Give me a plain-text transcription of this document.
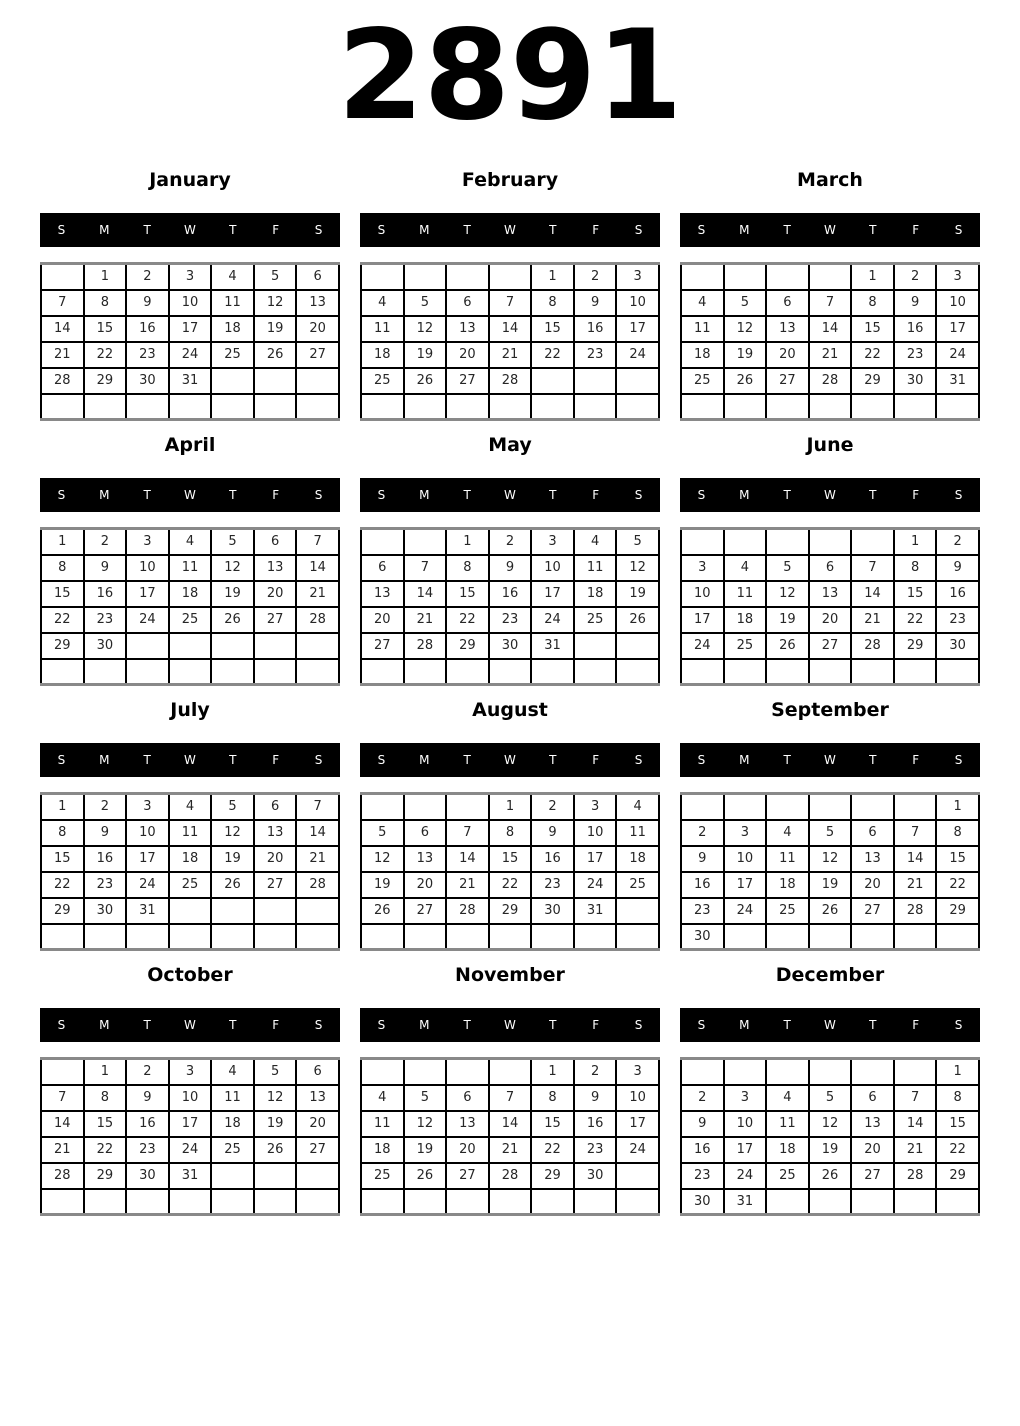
2891
January
S	M	T	W	T	F	S
	1	2	3	4	5	6
7	8	9	10	11	12	13
14	15	16	17	18	19	20
21	22	23	24	25	26	27
28	29	30	31			

February
S	M	T	W	T	F	S
				1	2	3
4	5	6	7	8	9	10
11	12	13	14	15	16	17
18	19	20	21	22	23	24
25	26	27	28			

March
S	M	T	W	T	F	S
				1	2	3
4	5	6	7	8	9	10
11	12	13	14	15	16	17
18	19	20	21	22	23	24
25	26	27	28	29	30	31

April
S	M	T	W	T	F	S
1	2	3	4	5	6	7
8	9	10	11	12	13	14
15	16	17	18	19	20	21
22	23	24	25	26	27	28
29	30					

May
S	M	T	W	T	F	S
		1	2	3	4	5
6	7	8	9	10	11	12
13	14	15	16	17	18	19
20	21	22	23	24	25	26
27	28	29	30	31		

June
S	M	T	W	T	F	S
					1	2
3	4	5	6	7	8	9
10	11	12	13	14	15	16
17	18	19	20	21	22	23
24	25	26	27	28	29	30

July
S	M	T	W	T	F	S
1	2	3	4	5	6	7
8	9	10	11	12	13	14
15	16	17	18	19	20	21
22	23	24	25	26	27	28
29	30	31				

August
S	M	T	W	T	F	S
			1	2	3	4
5	6	7	8	9	10	11
12	13	14	15	16	17	18
19	20	21	22	23	24	25
26	27	28	29	30	31	

September
S	M	T	W	T	F	S
						1
2	3	4	5	6	7	8
9	10	11	12	13	14	15
16	17	18	19	20	21	22
23	24	25	26	27	28	29
30						
October
S	M	T	W	T	F	S
	1	2	3	4	5	6
7	8	9	10	11	12	13
14	15	16	17	18	19	20
21	22	23	24	25	26	27
28	29	30	31			

November
S	M	T	W	T	F	S
				1	2	3
4	5	6	7	8	9	10
11	12	13	14	15	16	17
18	19	20	21	22	23	24
25	26	27	28	29	30	

December
S	M	T	W	T	F	S
						1
2	3	4	5	6	7	8
9	10	11	12	13	14	15
16	17	18	19	20	21	22
23	24	25	26	27	28	29
30	31					
